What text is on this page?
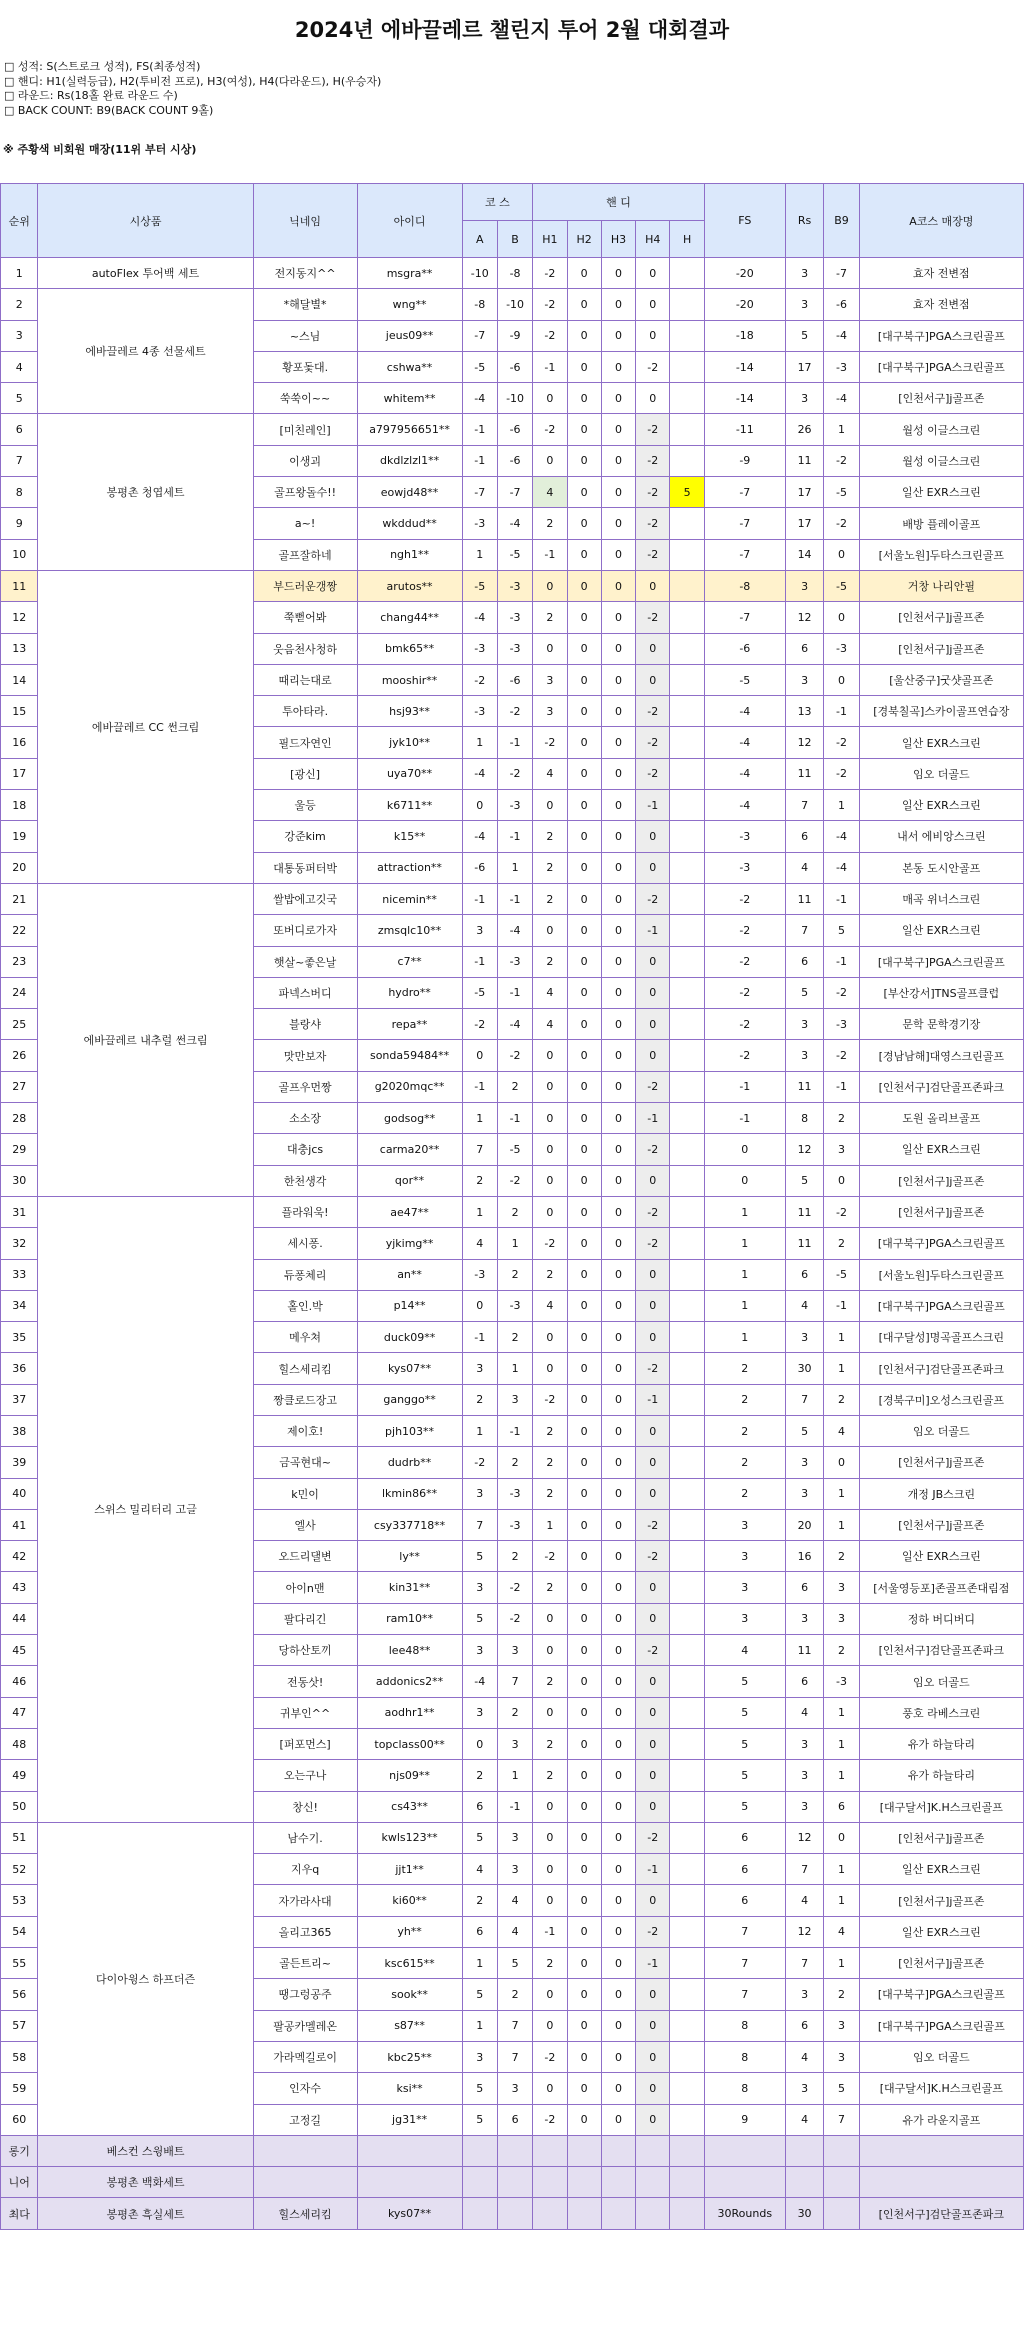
2024년 에바끌레르 챌린지 투어 2월 대회결과
□ 성적: S(스트로크 성적), FS(최종성적)
□ 핸디: H1(실력등급), H2(투비전 프로), H3(여성), H4(다라운드), H(우승자)
□ 라운드: Rs(18홀 완료 라운드 수)
□ BACK COUNT: B9(BACK COUNT 9홀)
※ 주황색 비회원 매장(11위 부터 시상)
순위	시상품	닉네임	아이디	코 스		핸 디					FS	Rs	B9	A코스 매장명
				A	B	H1	H2	H3	H4	H				
1	autoFlex 투어백 세트	전지동지^^	msgra**	-10	-8	-2	0	0	0		-20	3	-7	효자 전변점
2	에바끌레르 4종 선물세트	*해달별*	wng**	-8	-10	-2	0	0	0		-20	3	-6	효자 전변점
3		~스님	jeus09**	-7	-9	-2	0	0	0		-18	5	-4	[대구북구]PGA스크린골프
4		황포돛대.	cshwa**	-5	-6	-1	0	0	-2		-14	17	-3	[대구북구]PGA스크린골프
5		쑥쑥이~~	whitem**	-4	-10	0	0	0	0		-14	3	-4	[인천서구]j골프존
6	봉평촌 청엽세트	[미친레인]	a797956651**	-1	-6	-2	0	0	-2		-11	26	1	월성 이글스크린
7		이생괴	dkdlzlzl1**	-1	-6	0	0	0	-2		-9	11	-2	월성 이글스크린
8		골프왕돌수!!	eowjd48**	-7	-7	4	0	0	-2	5	-7	17	-5	일산 EXR스크린
9		a~!	wkddud**	-3	-4	2	0	0	-2		-7	17	-2	배방 플레이골프
10		골프잘하네	ngh1**	1	-5	-1	0	0	-2		-7	14	0	[서울노원]두타스크린골프
11	에바끌레르 CC 썬크림	부드러운갱짱	arutos**	-5	-3	0	0	0	0		-8	3	-5	거창 나리안필
12		쭉뻗어봐	chang44**	-4	-3	2	0	0	-2		-7	12	0	[인천서구]j골프존
13		웃음천사청하	bmk65**	-3	-3	0	0	0	0		-6	6	-3	[인천서구]j골프존
14		때리는대로	mooshir**	-2	-6	3	0	0	0		-5	3	0	[울산중구]굿샷골프존
15		투아타라.	hsj93**	-3	-2	3	0	0	-2		-4	13	-1	[경북칠곡]스카이골프연습장
16		필드자연인	jyk10**	1	-1	-2	0	0	-2		-4	12	-2	일산 EXR스크린
17		[광신]	uya70**	-4	-2	4	0	0	-2		-4	11	-2	임오 더골드
18		울등	k6711**	0	-3	0	0	0	-1		-4	7	1	일산 EXR스크린
19		강준kim	k15**	-4	-1	2	0	0	0		-3	6	-4	내서 에비앙스크린
20		대통동퍼터박	attraction**	-6	1	2	0	0	0		-3	4	-4	본동 도시안골프
21	에바끌레르 내추럴 썬크림	쌀밥에고깃국	nicemin**	-1	-1	2	0	0	-2		-2	11	-1	매곡 위너스크린
22		또버디로가자	zmsqlc10**	3	-4	0	0	0	-1		-2	7	5	일산 EXR스크린
23		햇살~좋은날	c7**	-1	-3	2	0	0	0		-2	6	-1	[대구북구]PGA스크린골프
24		파넥스버디	hydro**	-5	-1	4	0	0	0		-2	5	-2	[부산강서]TNS골프클럽
25		블랑샤	repa**	-2	-4	4	0	0	0		-2	3	-3	문학 문학경기장
26		맛만보자	sonda59484**	0	-2	0	0	0	0		-2	3	-2	[경남남해]대영스크린골프
27		골프우먼짱	g2020mqc**	-1	2	0	0	0	-2		-1	11	-1	[인천서구]검단골프존파크
28		소소장	godsog**	1	-1	0	0	0	-1		-1	8	2	도원 올리브골프
29		대충jcs	carma20**	7	-5	0	0	0	-2		0	12	3	일산 EXR스크린
30		한천생각	qor**	2	-2	0	0	0	0		0	5	0	[인천서구]j골프존
31	스위스 밀리터리 고글	플라워욱!	ae47**	1	2	0	0	0	-2		1	11	-2	[인천서구]j골프존
32		세시퐁.	yjkimg**	4	1	-2	0	0	-2		1	11	2	[대구북구]PGA스크린골프
33		듀퐁체리	an**	-3	2	2	0	0	0		1	6	-5	[서울노원]두타스크린골프
34		홀인.박	p14**	0	-3	4	0	0	0		1	4	-1	[대구북구]PGA스크린골프
35		메우쳐	duck09**	-1	2	0	0	0	0		1	3	1	[대구달성]명곡골프스크린
36		힐스세리킴	kys07**	3	1	0	0	0	-2		2	30	1	[인천서구]검단골프존파크
37		짱클로드장고	ganggo**	2	3	-2	0	0	-1		2	7	2	[경북구미]오성스크린골프
38		제이호!	pjh103**	1	-1	2	0	0	0		2	5	4	임오 더골드
39		금곡현대~	dudrb**	-2	2	2	0	0	0		2	3	0	[인천서구]j골프존
40		k민이	lkmin86**	3	-3	2	0	0	0		2	3	1	개정 JB스크린
41		엘사	csy337718**	7	-3	1	0	0	-2		3	20	1	[인천서구]j골프존
42		오드리댈변	ly**	5	2	-2	0	0	-2		3	16	2	일산 EXR스크린
43		아이n맨	kin31**	3	-2	2	0	0	0		3	6	3	[서울영등포]존골프존대림점
44		팔다리긴	ram10**	5	-2	0	0	0	0		3	3	3	정하 버디버디
45		당하산토끼	lee48**	3	3	0	0	0	-2		4	11	2	[인천서구]검단골프존파크
46		전동삿!	addonics2**	-4	7	2	0	0	0		5	6	-3	임오 더골드
47		귀부인^^	aodhr1**	3	2	0	0	0	0		5	4	1	풍호 라베스크린
48		[퍼포먼스]	topclass00**	0	3	2	0	0	0		5	3	1	유가 하늘타리
49		오는구나	njs09**	2	1	2	0	0	0		5	3	1	유가 하늘타리
50		창신!	cs43**	6	-1	0	0	0	0		5	3	6	[대구달서]K.H스크린골프
51	다이아윙스 하프더즌	남수기.	kwls123**	5	3	0	0	0	-2		6	12	0	[인천서구]j골프존
52		지우q	jjt1**	4	3	0	0	0	-1		6	7	1	일산 EXR스크린
53		자가라사대	ki60**	2	4	0	0	0	0		6	4	1	[인천서구]j골프존
54		올리고365	yh**	6	4	-1	0	0	-2		7	12	4	일산 EXR스크린
55		골든트리~	ksc615**	1	5	2	0	0	-1		7	7	1	[인천서구]j골프존
56		땡그렁공주	sook**	5	2	0	0	0	0		7	3	2	[대구북구]PGA스크린골프
57		팔공카멜레온	s87**	1	7	0	0	0	0		8	6	3	[대구북구]PGA스크린골프
58		가라멕길로이	kbc25**	3	7	-2	0	0	0		8	4	3	임오 더골드
59		인자수	ksi**	5	3	0	0	0	0		8	3	5	[대구달서]K.H스크린골프
60		고정길	jg31**	5	6	-2	0	0	0		9	4	7	유가 라운지골프
롱기	베스컨 스윙배트													
니어	봉평촌 백화세트													
최다	봉평촌 흑실세트	힐스세리킴	kys07**								30Rounds	30		[인천서구]검단골프존파크
